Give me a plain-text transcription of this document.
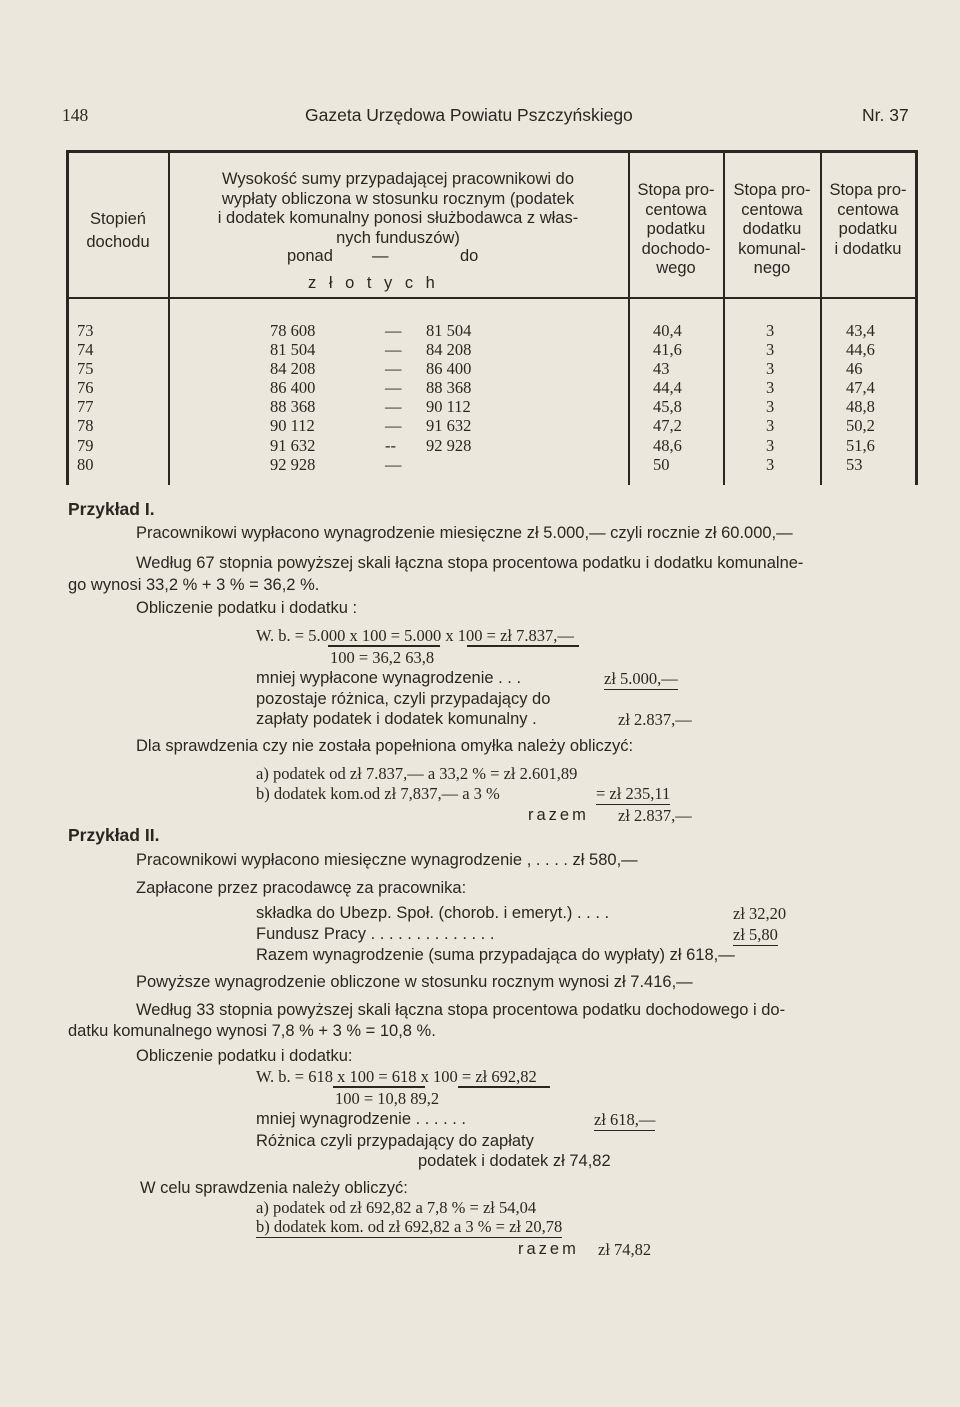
148	Gazeta Urzędowa Powiatu Pszczyńskiego	Nr. 37
Stopień
dochodu
Wysokość sumy przypadającej pracownikowi do
wypłaty obliczona w stosunku rocznym (podatek
i dodatek komunalny ponosi służbodawca z włas-
nych funduszów)
ponad —	do
z ł o t y c h
Stopa pro-
centowa
podatku
dochodo-
wego
Stopa pro-
centowa
dodatku
komunal-
nego
Stopa pro-
centowa
podatku
i dodatku
73	78 608	— 81 504	40,4	3	43,4
74	81 504	— 84 208	41,6	3	44,6
75	84 208	— 86 400	43	3	46
76	86 400	— 88 368	44,4	3	47,4
77	88 368	— 90 112	45,8	3	48,8
78	90 112	— 91 632	47,2	3	50,2
79	91 632	-- 92 928	48,6	3	51,6
80	92 928	—	50	3	53
Przykład I.
Pracownikowi wypłacono wynagrodzenie miesięczne zł 5.000,— czyli rocznie zł 60.000,—
Według 67 stopnia powyższej skali łączna stopa procentowa podatku i dodatku komunalne-
go wynosi 33,2 % + 3 % = 36,2 %.
Obliczenie podatku i dodatku :
W. b. = 5.000 x 100 = 5.000 x 100 = zł 7.837,—
100 = 36,2 63,8
mniej wypłacone wynagrodzenie . . .	zł 5.000,—
pozostaje różnica, czyli przypadający do
zapłaty podatek i dodatek komunalny .	zł 2.837,—
Dla sprawdzenia czy nie została popełniona omyłka należy obliczyć:
a) podatek od zł 7.837,— a 33,2 % = zł 2.601,89
b) dodatek kom.od zł 7,837,— a 3 %	= zł 235,11
razem zł 2.837,—
Przykład II.
Pracownikowi wypłacono miesięczne wynagrodzenie , . . . . zł 580,—
Zapłacone przez pracodawcę za pracownika:
składka do Ubezp. Społ. (chorob. i emeryt.) . . . .	zł 32,20
Fundusz Pracy . . . . . . . . . . . . . .	zł 5,80
Razem wynagrodzenie (suma przypadająca do wypłaty) zł 618,—
Powyższe wynagrodzenie obliczone w stosunku rocznym wynosi zł 7.416,—
Według 33 stopnia powyższej skali łączna stopa procentowa podatku dochodowego i do-
datku komunalnego wynosi 7,8 % + 3 % = 10,8 %.
Obliczenie podatku i dodatku:
W. b. = 618 x 100 = 618 x 100 = zł 692,82
100 = 10,8 89,2
mniej wynagrodzenie . . . . . .	zł 618,—
Różnica czyli przypadający do zapłaty
podatek i dodatek zł 74,82
W celu sprawdzenia należy obliczyć:
a) podatek od zł 692,82 a 7,8 % = zł 54,04
b) dodatek kom. od zł 692,82 a 3 % = zł 20,78
razem zł 74,82
